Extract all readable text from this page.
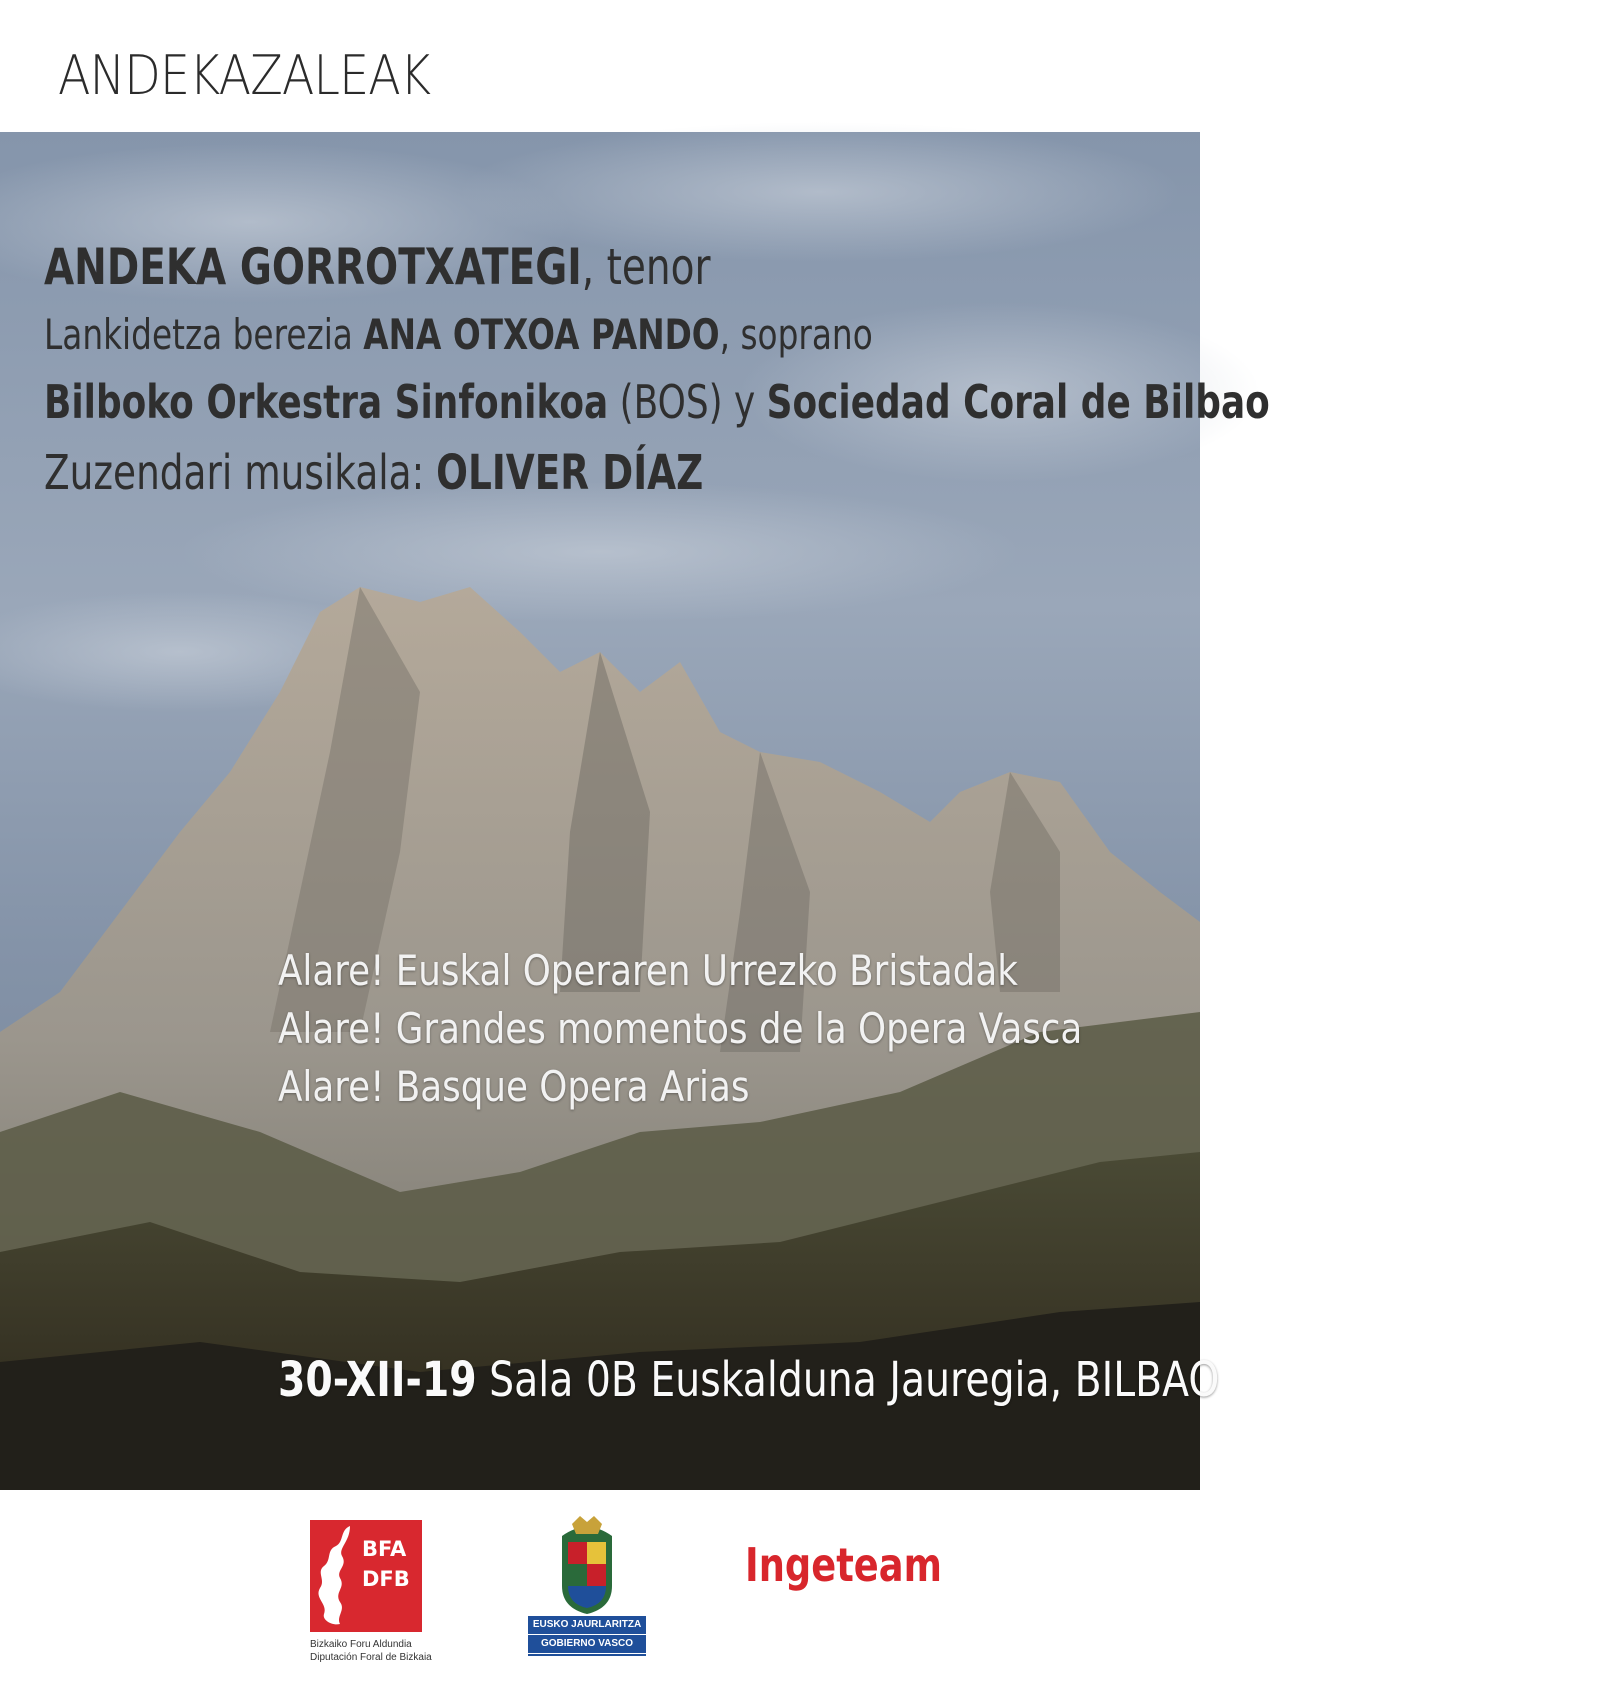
ANDEKAZALEAK
ANDEKA GORROTXATEGI, tenor
Lankidetza berezia ANA OTXOA PANDO, soprano
Bilboko Orkestra Sinfonikoa (BOS) y Sociedad Coral de Bilbao
Zuzendari musikala: OLIVER DÍAZ
Alare! Euskal Operaren Urrezko Bristadak
Alare! Grandes momentos de la Opera Vasca
Alare! Basque Opera Arias
30-XII-19 Sala 0B Euskalduna Jauregia, BILBAO
BFA
DFB
Bizkaiko Foru Aldundia
Diputación Foral de Bizkaia
EUSKO JAURLARITZA
GOBIERNO VASCO
Ingeteam
